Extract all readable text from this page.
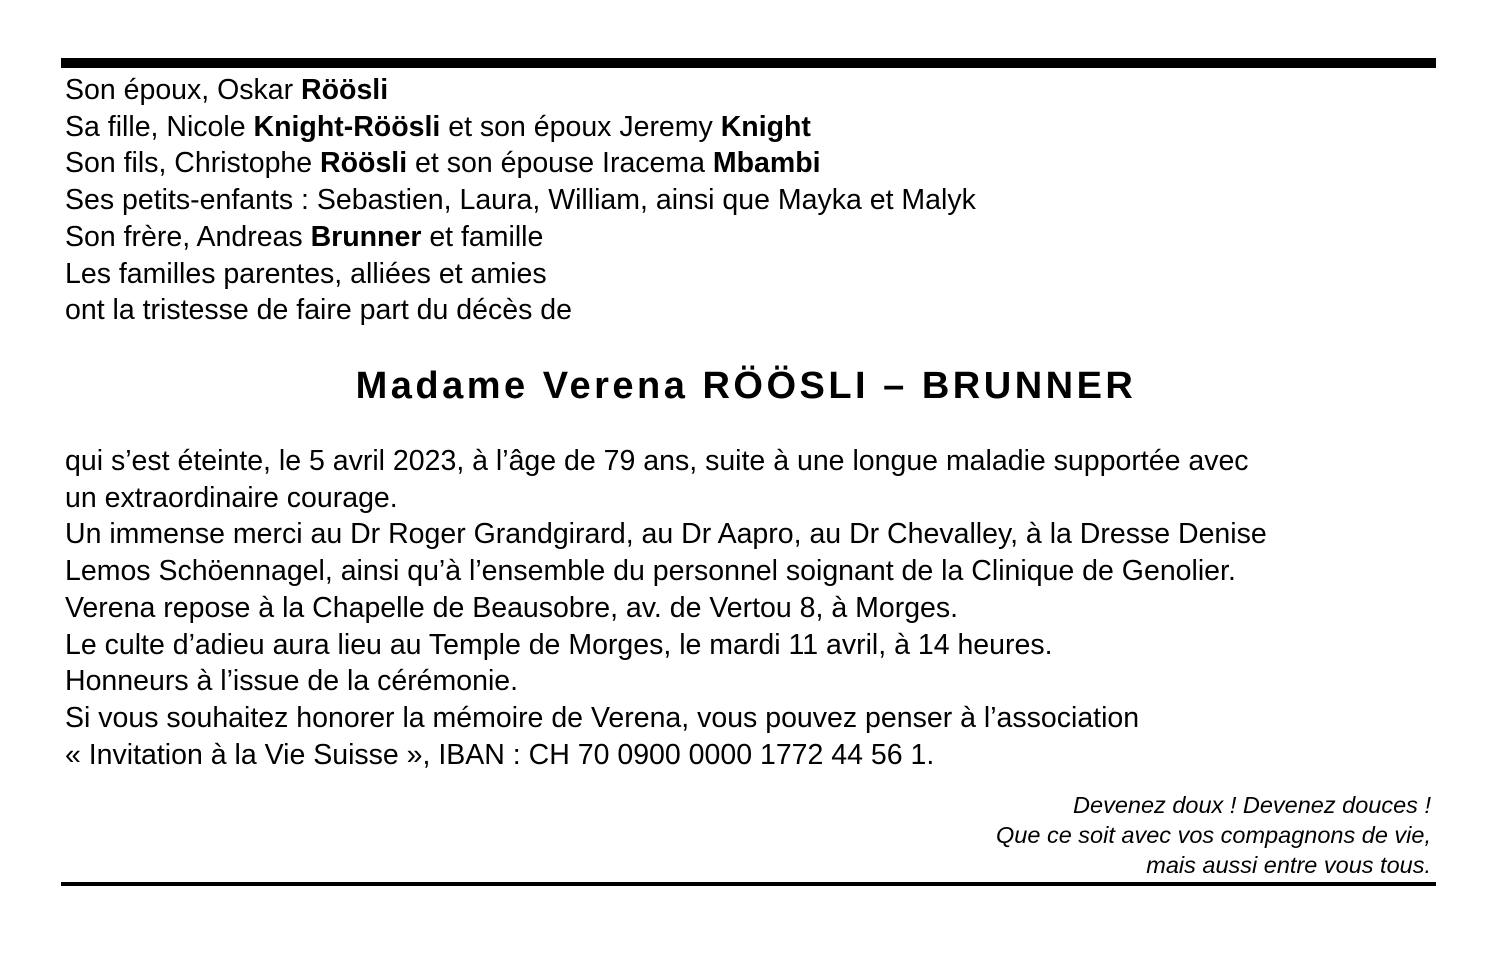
Son époux, Oskar Röösli
Sa fille, Nicole Knight-Röösli et son époux Jeremy Knight
Son fils, Christophe Röösli et son épouse Iracema Mbambi
Ses petits-enfants : Sebastien, Laura, William, ainsi que Mayka et Malyk
Son frère, Andreas Brunner et famille
Les familles parentes, alliées et amies
ont la tristesse de faire part du décès de
Madame Verena RÖÖSLI – BRUNNER
qui s’est éteinte, le 5 avril 2023, à l’âge de 79 ans, suite à une longue maladie supportée avec
un extraordinaire courage.
Un immense merci au Dr Roger Grandgirard, au Dr Aapro, au Dr Chevalley, à la Dresse Denise
Lemos Schöennagel, ainsi qu’à l’ensemble du personnel soignant de la Clinique de Genolier.
Verena repose à la Chapelle de Beausobre, av. de Vertou 8, à Morges.
Le culte d’adieu aura lieu au Temple de Morges, le mardi 11 avril, à 14 heures.
Honneurs à l’issue de la cérémonie.
Si vous souhaitez honorer la mémoire de Verena, vous pouvez penser à l’association
« Invitation à la Vie Suisse », IBAN : CH 70 0900 0000 1772 44 56 1.
Devenez doux ! Devenez douces !
Que ce soit avec vos compagnons de vie,
mais aussi entre vous tous.
